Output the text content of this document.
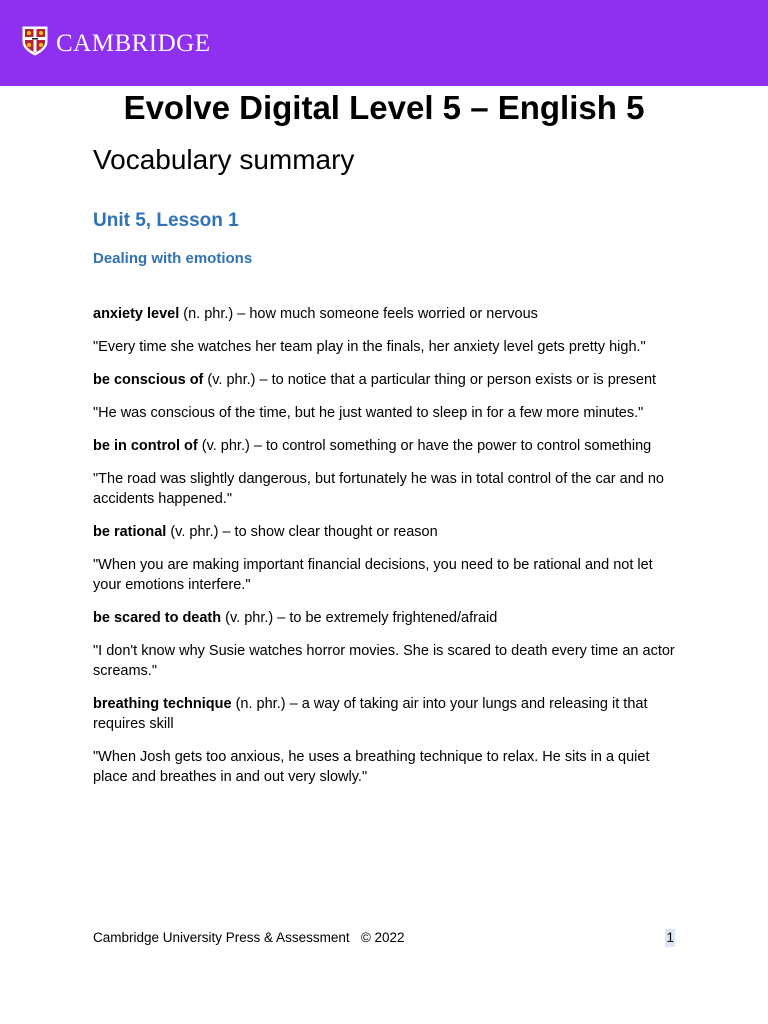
CAMBRIDGE
Evolve Digital Level 5 – English 5
Vocabulary summary
Unit 5, Lesson 1
Dealing with emotions

anxiety level (n. phr.) – how much someone feels worried or nervous

"Every time she watches her team play in the finals, her anxiety level gets pretty high."

be conscious of (v. phr.) – to notice that a particular thing or person exists or is present

"He was conscious of the time, but he just wanted to sleep in for a few more minutes."

be in control of (v. phr.) – to control something or have the power to control something

"The road was slightly dangerous, but fortunately he was in total control of the car and no accidents happened."

be rational (v. phr.) – to show clear thought or reason

"When you are making important financial decisions, you need to be rational and not let your emotions interfere."

be scared to death (v. phr.) – to be extremely frightened/afraid

"I don't know why Susie watches horror movies. She is scared to death every time an actor screams."

breathing technique (n. phr.) – a way of taking air into your lungs and releasing it that requires skill

"When Josh gets too anxious, he uses a breathing technique to relax. He sits in a quiet place and breathes in and out very slowly."

Cambridge University Press & Assessment   © 2022	1
